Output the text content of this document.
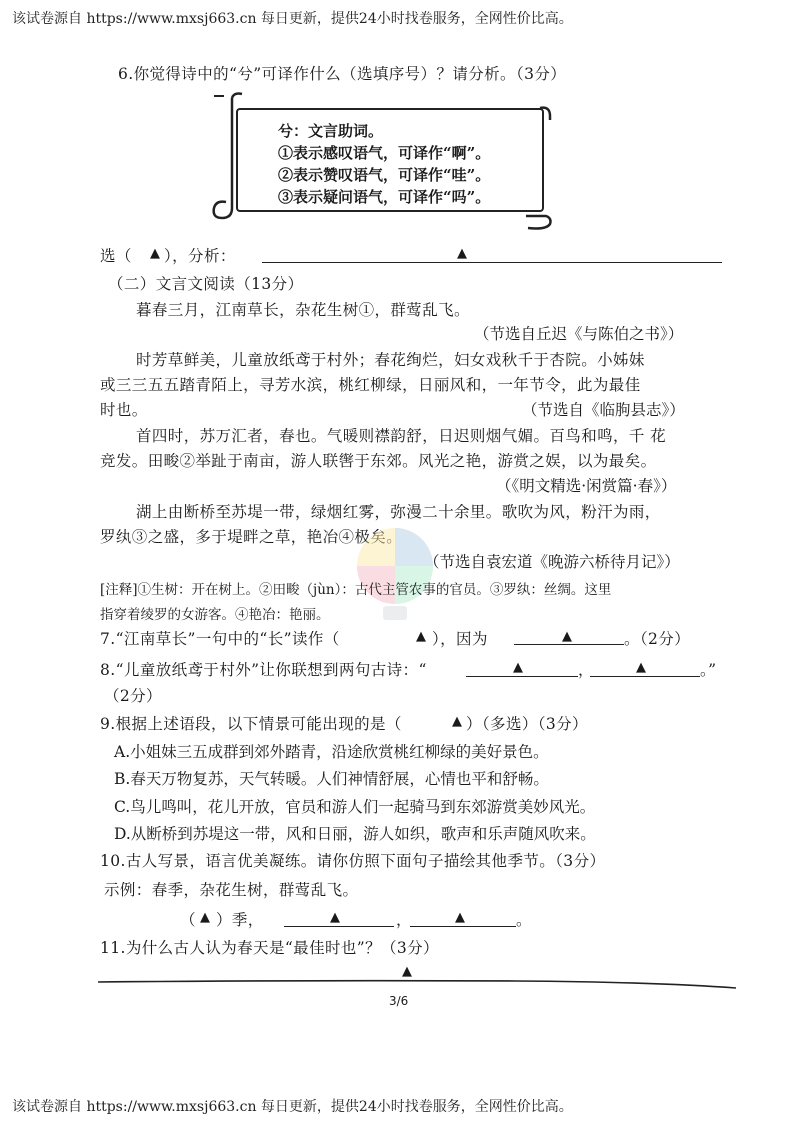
该试卷源自 https://www.mxsj663.cn 每日更新，提供24小时找卷服务，全网性价比高。
6.你觉得诗中的“兮”可译作什么（选填序号）？请分析。（3分）
兮：文言助词。
①表示感叹语气，可译作“啊”。
②表示赞叹语气，可译作“哇”。
③表示疑问语气，可译作“吗”。
选（ ▲ ），分析：	▲
（二）文言文阅读（13分）
暮春三月，江南草长，杂花生树①，群莺乱飞。
（节选自丘迟《与陈伯之书》）
时芳草鲜美，儿童放纸鸢于村外；春花绚烂，妇女戏秋千于杏院。小姊妹
或三三五五踏青陌上，寻芳水滨，桃红柳绿，日丽风和，一年节令，此为最佳
时也。	（节选自《临朐县志》）
首四时，苏万汇者，春也。气暖则襟韵舒，日迟则烟气媚。百鸟和鸣，千 花
竞发。田畯②举趾于南亩，游人联辔于东郊。风光之艳，游赏之娱，以为最矣。
（《明文精选·闲赏篇·春》）
湖上由断桥至苏堤一带，绿烟红雾，弥漫二十余里。歌吹为风，粉汗为雨，
罗纨③之盛，多于堤畔之草，艳冶④极矣。
（节选自袁宏道《晚游六桥待月记》）
[注释]①生树：开在树上。②田畯（jùn）：古代主管农事的官员。③罗纨：丝绸。这里
指穿着绫罗的女游客。④艳冶：艳丽。
7.“江南草长”一句中的“长”读作（	▲ ），因为	▲	。（2分）
8.“儿童放纸鸢于村外”让你联想到两句古诗：“	▲	，	▲	。”
（2分）
9.根据上述语段，以下情景可能出现的是（	▲ ）（多选）（3分）
A.小姐妹三五成群到郊外踏青，沿途欣赏桃红柳绿的美好景色。
B.春天万物复苏，天气转暖。人们神情舒展，心情也平和舒畅。
C.鸟儿鸣叫，花儿开放，官员和游人们一起骑马到东郊游赏美妙风光。
D.从断桥到苏堤这一带，风和日丽，游人如织，歌声和乐声随风吹来。
10.古人写景，语言优美凝练。请你仿照下面句子描绘其他季节。（3分）
示例：春季，杂花生树，群莺乱飞。
（ ▲ ）季，	▲	，	▲	。
11.为什么古人认为春天是“最佳时也”？（3分）
▲
3/6
该试卷源自 https://www.mxsj663.cn 每日更新，提供24小时找卷服务，全网性价比高。
